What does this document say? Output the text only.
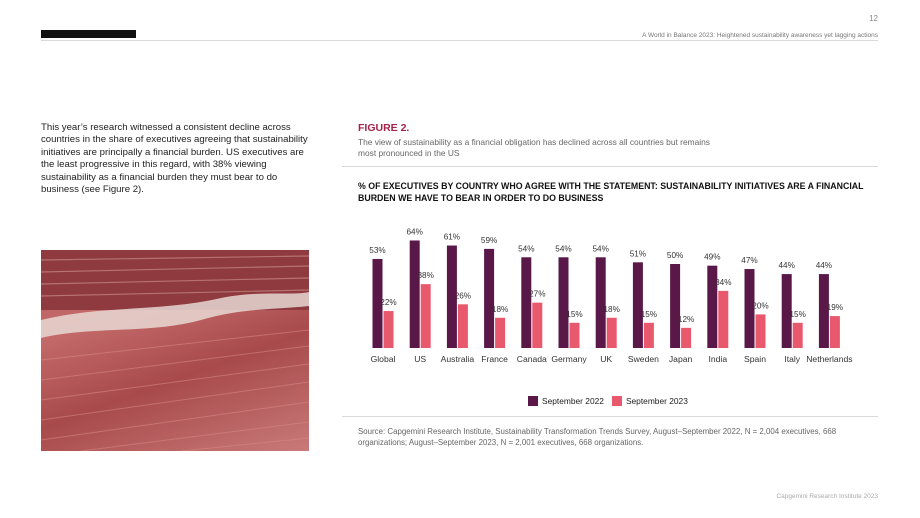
12
A World in Balance 2023: Heightened sustainability awareness yet lagging actions
This year’s research witnessed a consistent decline across countries in the share of executives agreeing that sustainability initiatives are principally a financial burden. US executives are the least progressive in this regard, with 38% viewing sustainability as a financial burden they must bear to do business (see Figure 2).
FIGURE 2.
The view of sustainability as a financial obligation has declined across all countries but remains most pronounced in the US
% OF EXECUTIVES BY COUNTRY WHO AGREE WITH THE STATEMENT: SUSTAINABILITY INITIATIVES ARE A FINANCIAL BURDEN WE HAVE TO BEAR IN ORDER TO DO BUSINESS
53%
22%
Global
64%
38%
US
61%
26%
Australia
59%
18%
France
54%
27%
Canada
54%
15%
Germany
54%
18%
UK
51%
15%
Sweden
50%
12%
Japan
49%
34%
India
47%
20%
Spain
44%
15%
Italy
44%
19%
Netherlands
September 2022	September 2023
Source: Capgemini Research Institute, Sustainability Transformation Trends Survey, August–September 2022, N = 2,004 executives, 668 organizations; August–September 2023, N = 2,001 executives, 668 organizations.
Capgemini Research Institute 2023
